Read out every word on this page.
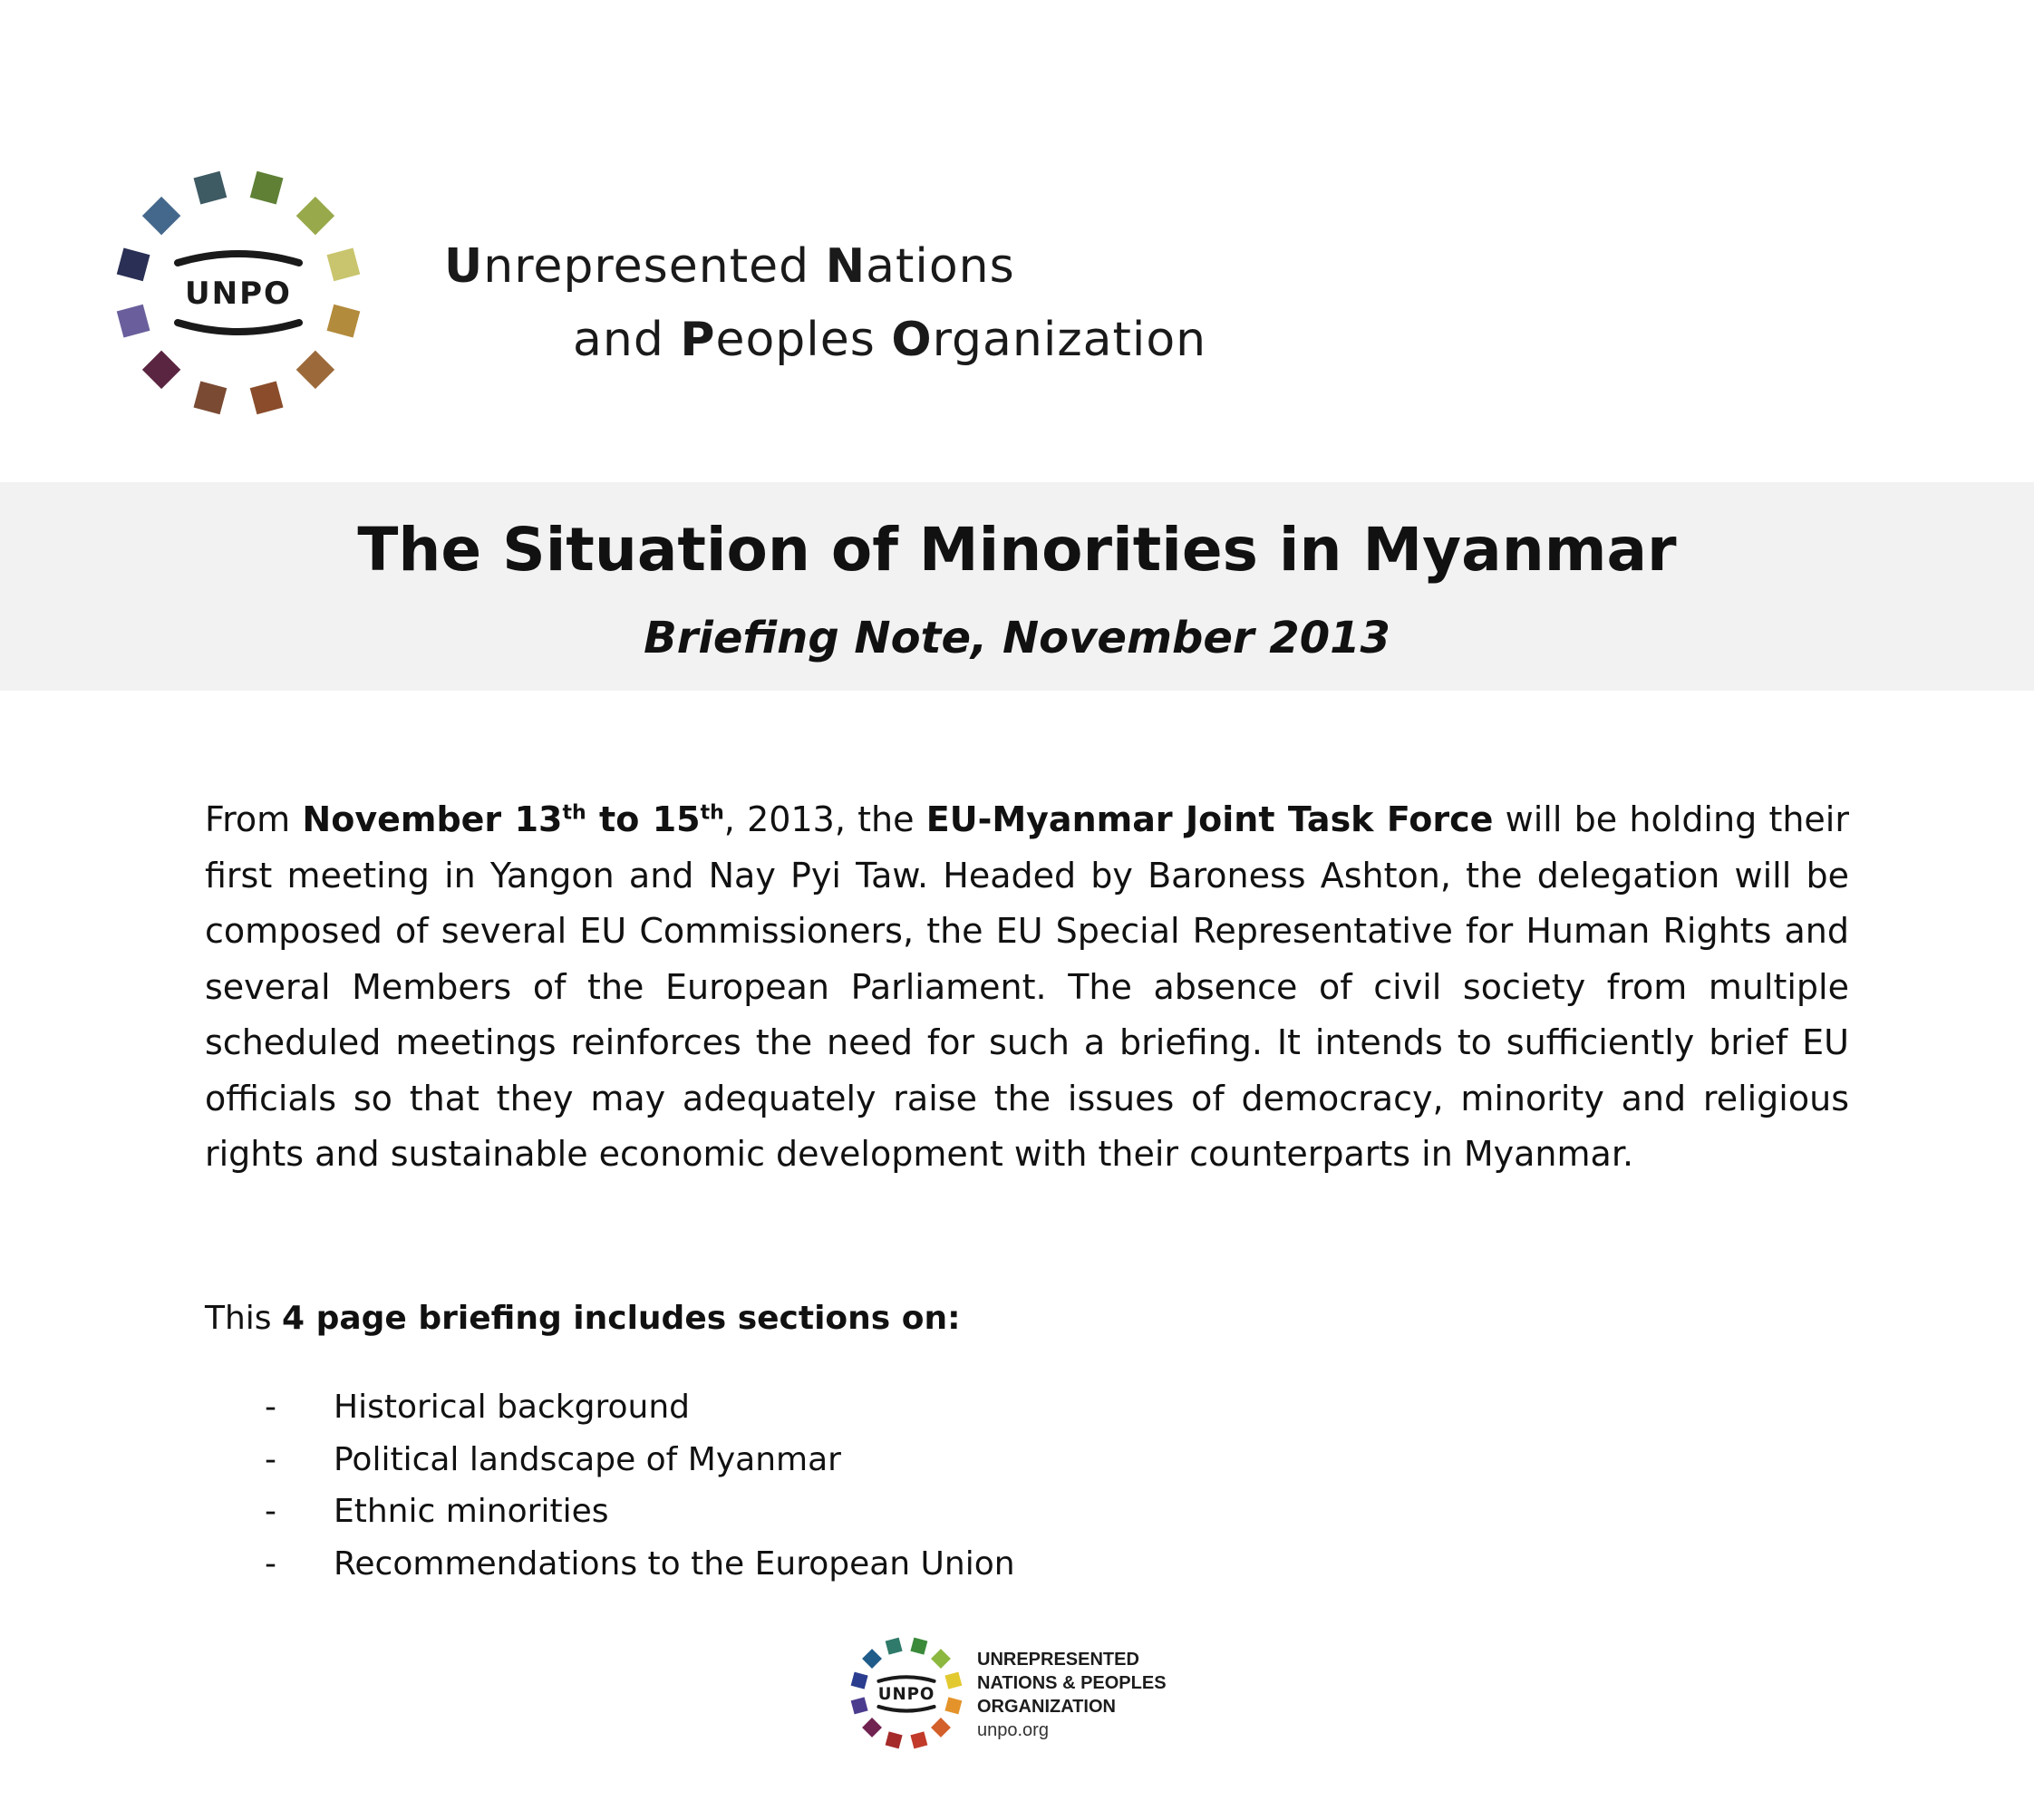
UNPO	Unrepresented Nations
and Peoples Organization
The Situation of Minorities in Myanmar
Briefing Note, November 2013

From November 13th to 15th, 2013, the EU-Myanmar Joint Task Force will be holding their first meeting in Yangon and Nay Pyi Taw. Headed by Baroness Ashton, the delegation will be composed of several EU Commissioners, the EU Special Representative for Human Rights and several Members of the European Parliament. The absence of civil society from multiple scheduled meetings reinforces the need for such a briefing. It intends to sufficiently brief EU officials so that they may adequately raise the issues of democracy, minority and religious rights and sustainable economic development with their counterparts in Myanmar.

This 4 page briefing includes sections on:
- Historical background
- Political landscape of Myanmar
- Ethnic minorities
- Recommendations to the European Union
UNPO
UNREPRESENTED
NATIONS & PEOPLES
ORGANIZATION
unpo.org
